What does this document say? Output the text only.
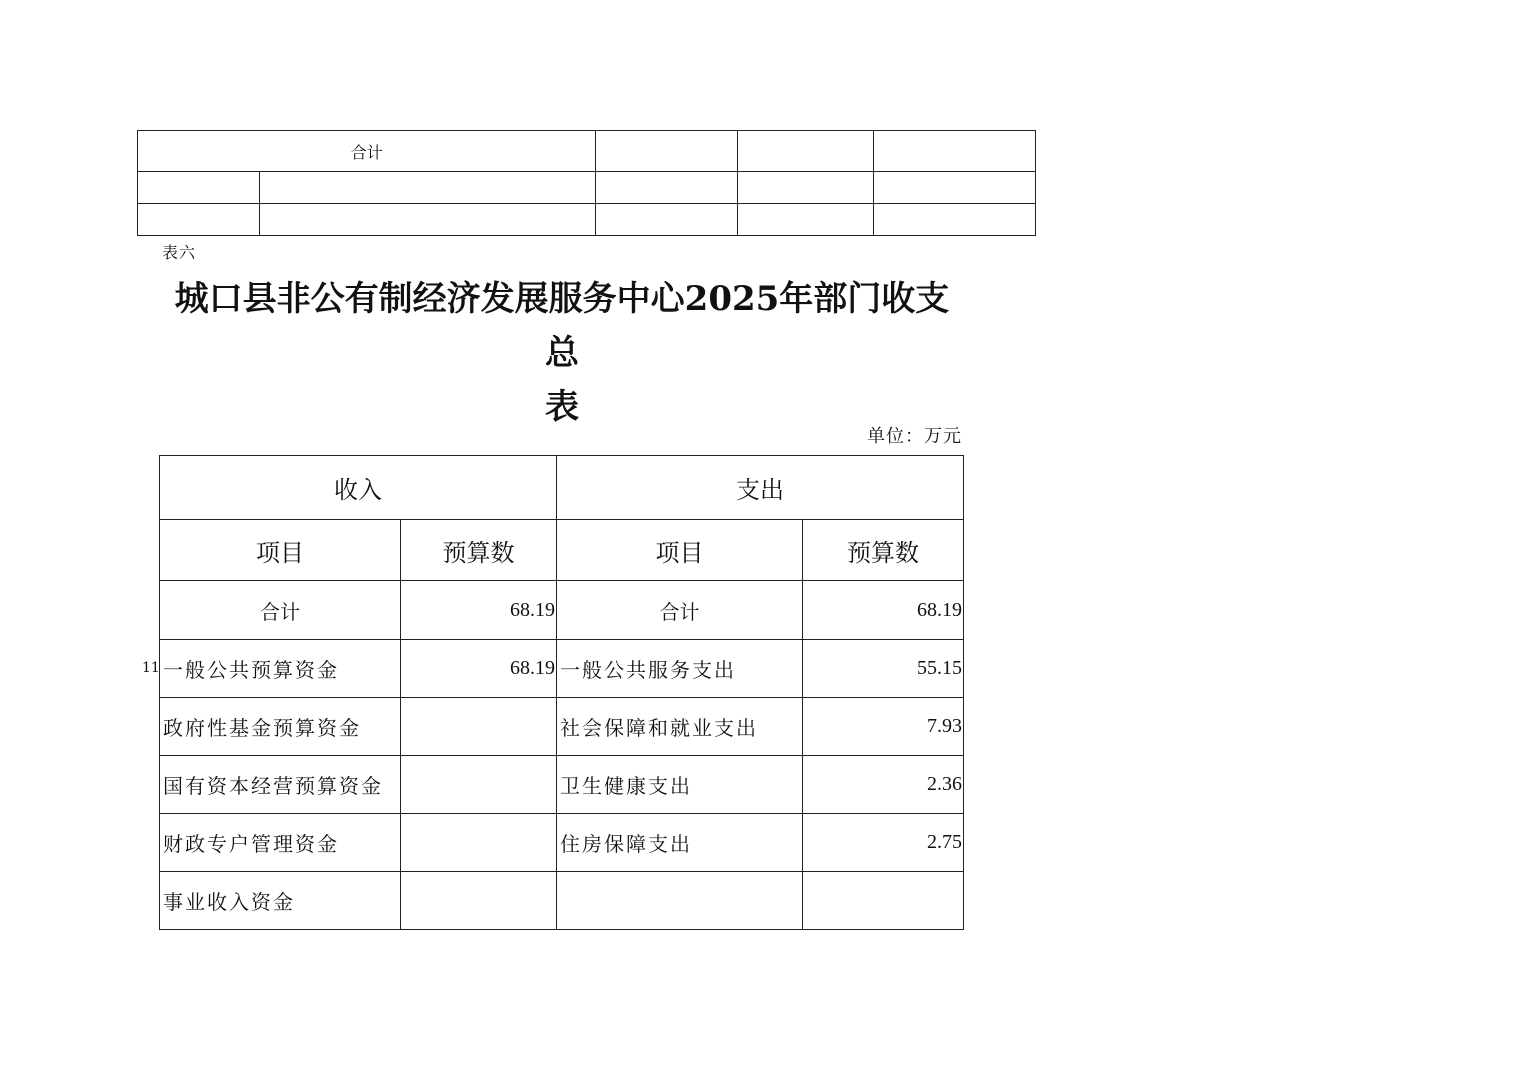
合计				

表六
城口县非公有制经济发展服务中心2025年部门收支总
表
单位：万元
11
收入		支出	
项目	预算数	项目	预算数
合计	68.19	合计	68.19
一般公共预算资金	68.19	一般公共服务支出	55.15
政府性基金预算资金		社会保障和就业支出	7.93
国有资本经营预算资金		卫生健康支出	2.36
财政专户管理资金		住房保障支出	2.75
事业收入资金			
